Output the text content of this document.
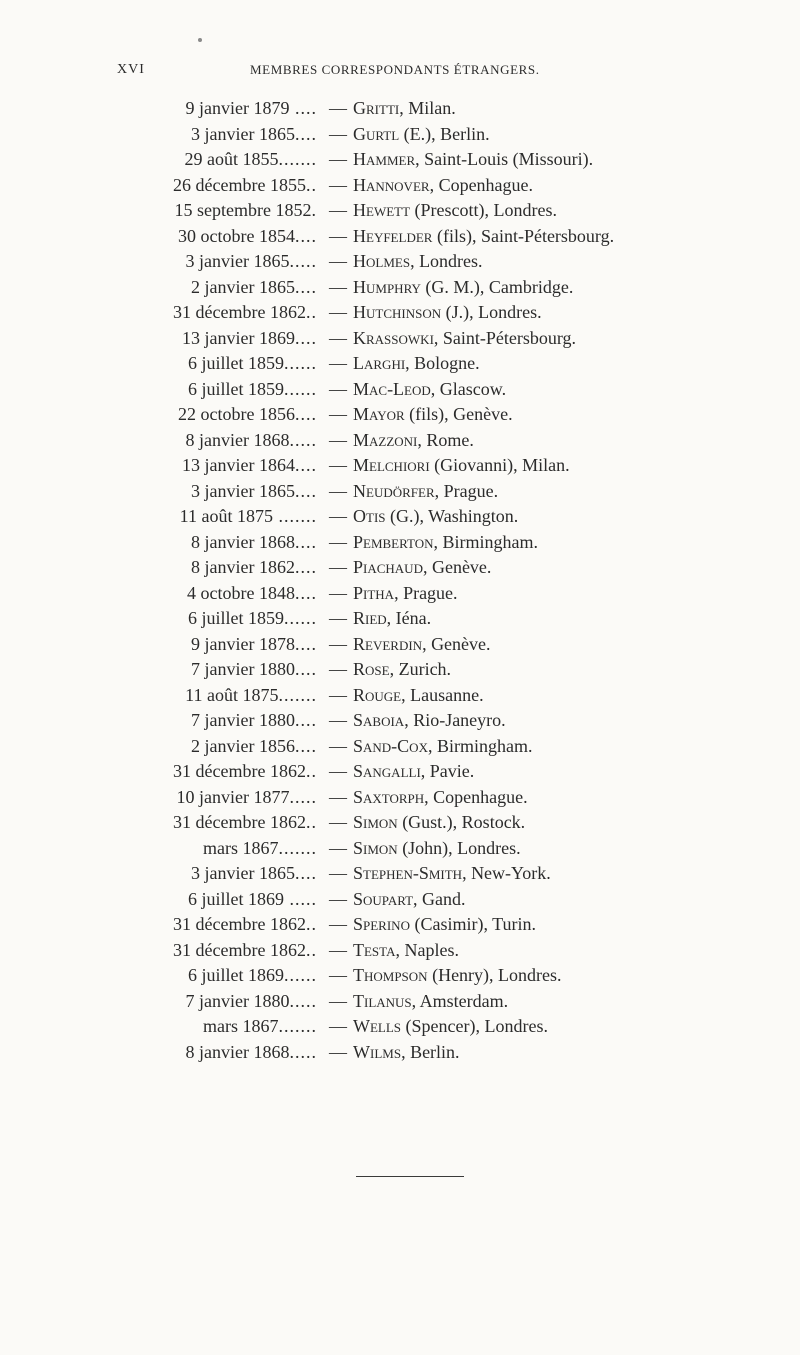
XVI	MEMBRES CORRESPONDANTS ÉTRANGERS.
9 janvier 1879 .... — Gritti, Milan.
3 janvier 1865.... — Gurtl (E.), Berlin.
29 août 1855....... — Hammer, Saint-Louis (Missouri).
26 décembre 1855.. — Hannover, Copenhague.
15 septembre 1852. — Hewett (Prescott), Londres.
30 octobre 1854.... — Heyfelder (fils), Saint-Pétersbourg.
3 janvier 1865..... — Holmes, Londres.
2 janvier 1865.... — Humphry (G. M.), Cambridge.
31 décembre 1862.. — Hutchinson (J.), Londres.
13 janvier 1869.... — Krassowki, Saint-Pétersbourg.
6 juillet 1859...... — Larghi, Bologne.
6 juillet 1859...... — Mac-Leod, Glascow.
22 octobre 1856.... — Mayor (fils), Genève.
8 janvier 1868..... — Mazzoni, Rome.
13 janvier 1864.... — Melchiori (Giovanni), Milan.
3 janvier 1865.... — Neudörfer, Prague.
11 août 1875 ....... — Otis (G.), Washington.
8 janvier 1868.... — Pemberton, Birmingham.
8 janvier 1862.... — Piachaud, Genève.
4 octobre 1848.... — Pitha, Prague.
6 juillet 1859...... — Ried, Iéna.
9 janvier 1878.... — Reverdin, Genève.
7 janvier 1880.... — Rose, Zurich.
11 août 1875....... — Rouge, Lausanne.
7 janvier 1880.... — Saboia, Rio-Janeyro.
2 janvier 1856.... — Sand-Cox, Birmingham.
31 décembre 1862.. — Sangalli, Pavie.
10 janvier 1877..... — Saxtorph, Copenhague.
31 décembre 1862.. — Simon (Gust.), Rostock.
mars 1867....... — Simon (John), Londres.
3 janvier 1865.... — Stephen-Smith, New-York.
6 juillet 1869 ..... — Soupart, Gand.
31 décembre 1862.. — Sperino (Casimir), Turin.
31 décembre 1862.. — Testa, Naples.
6 juillet 1869...... — Thompson (Henry), Londres.
7 janvier 1880..... — Tilanus, Amsterdam.
mars 1867....... — Wells (Spencer), Londres.
8 janvier 1868..... — Wilms, Berlin.
